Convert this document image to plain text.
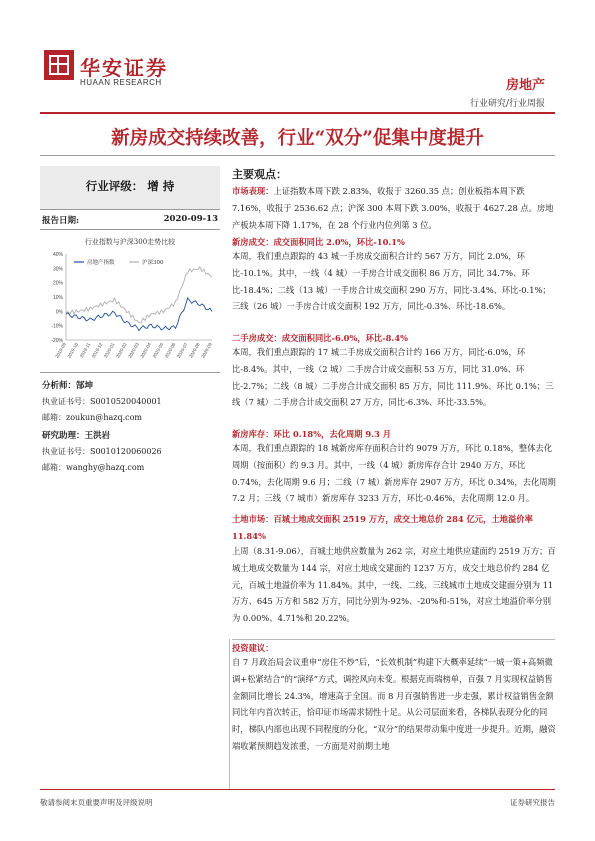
华安证券
HUAAN RESEARCH	房地产
行业研究/行业周报
新房成交持续改善，行业“双分”促集中度提升
行业评级： 增 持
报告日期:	2020-09-13
行业指数与沪深300走势比较
40%
30%
20%
10%
0%
-10%
-20%
2019-09 2019-10 2019-11 2019-12 2020-01 2020-02 2020-03 2020-04 2020-05 2020-06 2020-07 2020-08 2020-09
房地产指数	沪深300
分析师：郜坤
执业证书号：S0010520040001
邮箱：zoukun@hazq.com
研究助理：王洪岩
执业证书号：S0010120060026
邮箱：wanghy@hazq.com
主要观点：
市场表现：上证指数本周下跌 2.83%，收报于 3260.35 点；创业板指本周下跌 7.16%，收报于 2536.62 点；沪深 300 本周下跌 3.00%，收报于 4627.28 点。房地产板块本周下降 1.17%，在 28 个行业内位列第 3 位。
新房成交：成交面积同比 2.0%，环比-10.1%
本周，我们重点跟踪的 43 城一手房成交面积合计约 567 万方，同比 2.0%，环比-10.1%。其中，一线（4 城）一手房合计成交面积 86 万方，同比 34.7%、环比-18.4%；二线（13 城）一手房合计成交面积 290 万方，同比-3.4%、环比-0.1%；三线（26 城）一手房合计成交面积 192 万方，同比-0.3%、环比-18.6%。
二手房成交：成交面积同比-6.0%，环比-8.4%
本周，我们重点跟踪的 17 城二手房成交面积合计约 166 万方，同比-6.0%，环比-8.4%。其中，一线（2 城）二手房合计成交面积 53 万方，同比 31.0%、环比-2.7%；二线（8 城）二手房合计成交面积 85 万方，同比 111.9%、环比 0.1%；三线（7 城）二手房合计成交面积 27 万方，同比-6.3%、环比-33.5%。
新房库存：环比 0.18%，去化周期 9.3 月
本周，我们重点跟踪的 18 城新房库存面积合计约 9079 万方，环比 0.18%，整体去化周期（按面积）约 9.3 月。其中，一线（4 城）新房库存合计 2940 万方，环比 0.74%，去化周期 9.6 月；二线（7 城）新房库存 2907 万方，环比 0.34%，去化周期 7.2 月；三线（7 城市）新房库存 3233 万方，环比-0.46%，去化周期 12.0 月。
土地市场：百城土地成交面积 2519 万方，成交土地总价 284 亿元，土地溢价率 11.84%
上周（8.31-9.06），百城土地供应数量为 262 宗，对应土地供应建面约 2519 万方；百城土地成交数量为 144 宗，对应土地成交建面约 1237 万方，成交土地总价约 284 亿元，百城土地溢价率为 11.84%。其中，一线、二线、三线城市土地成交建面分别为 11 万方、645 万方和 582 万方，同比分别为-92%、-20%和-51%，对应土地溢价率分别为 0.00%、4.71%和 20.22%。
投资建议：
自 7 月政治局会议重申“房住不炒”后，“长效机制”构建下大概率延续“一城一策+高频微调+松紧结合”的“演绎”方式，调控风向未变。根据克而瑞榜单，百强 7 月实现权益销售金额同比增长 24.3%，增速高于全国。而 8 月百强销售进一步走强，累计权益销售金额同比年内首次转正，恰印证市场需求韧性十足。从公司层面来看，各梯队表现分化的同时，梯队内部也出现不同程度的分化，“双分”的结果带动集中度进一步提升。近期，融资端收紧预期趋发浓重，一方面是对前期土地
敬请参阅末页重要声明及评级说明	证券研究报告
